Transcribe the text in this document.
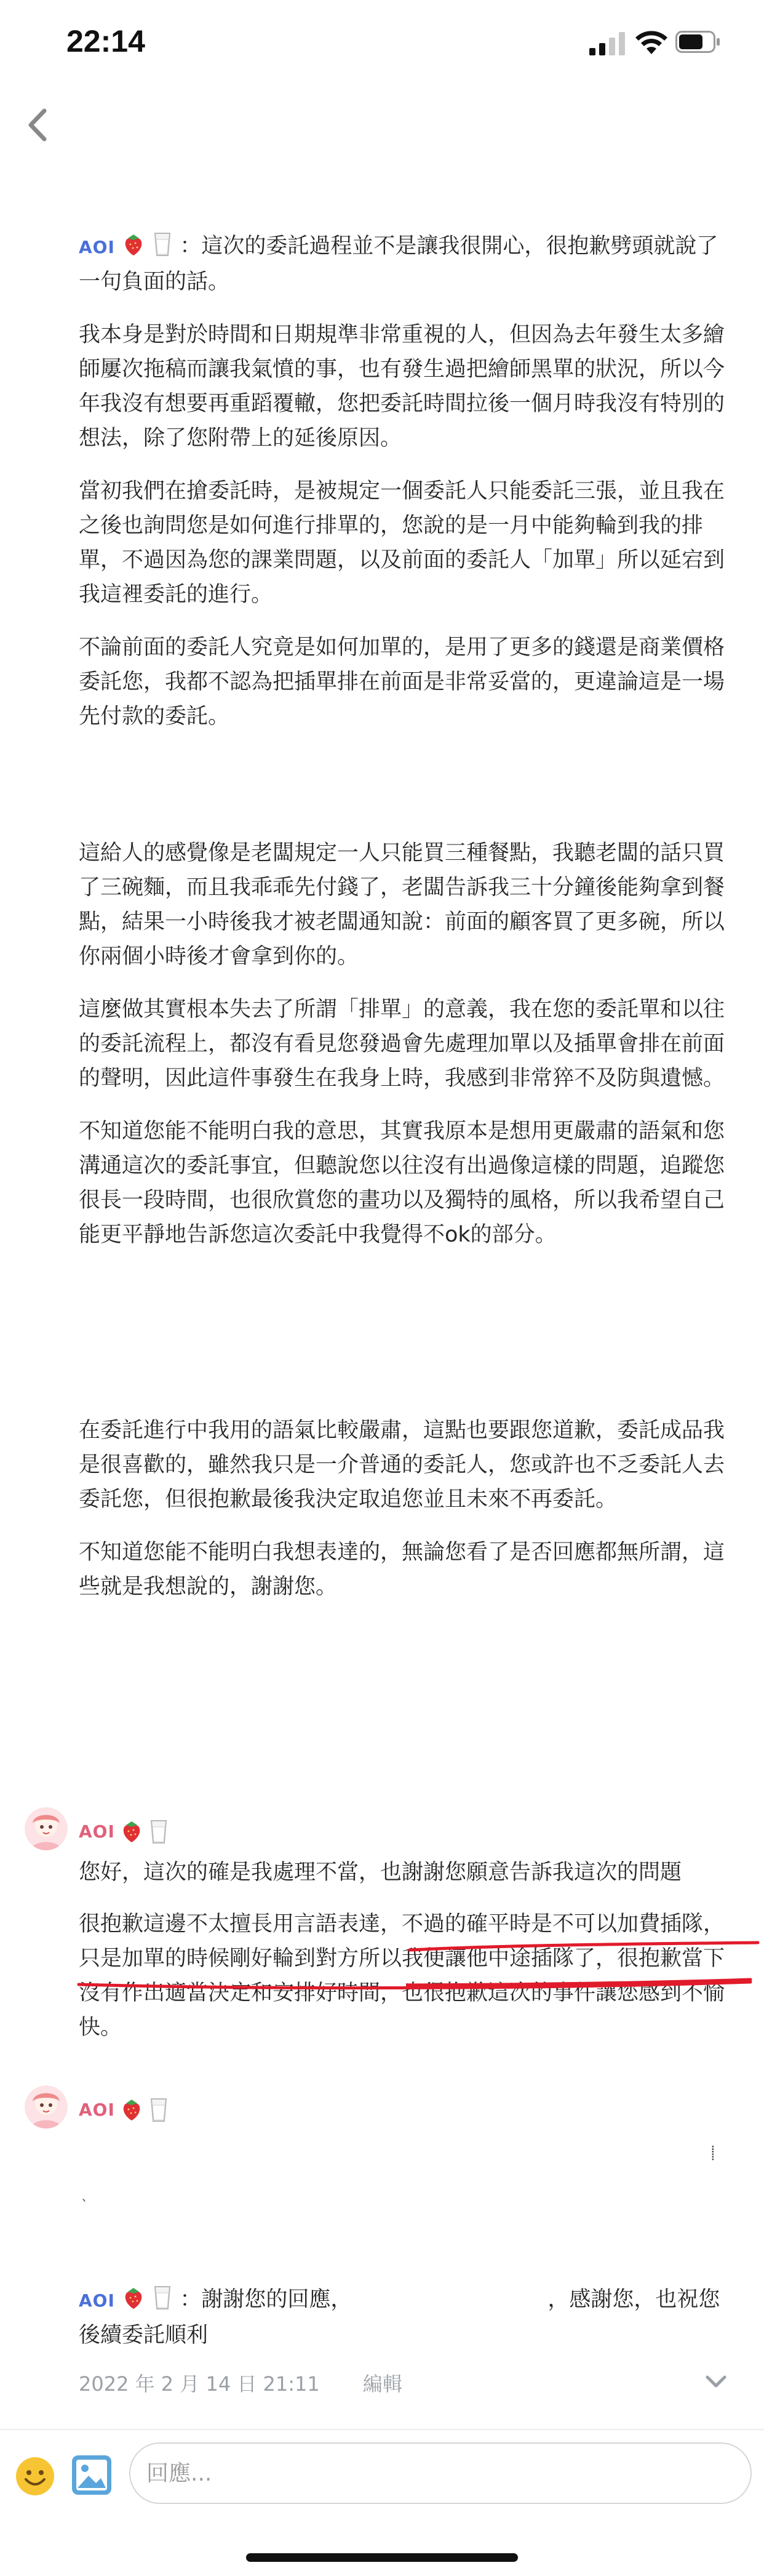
22:14

AOI	：這次的委託過程並不是讓我很開心，很抱歉劈頭就說了一句負面的話。

我本身是對於時間和日期規準非常重視的人，但因為去年發生太多繪師屢次拖稿而讓我氣憤的事，也有發生過把繪師黑單的狀況，所以今年我沒有想要再重蹈覆轍，您把委託時間拉後一個月時我沒有特別的想法，除了您附帶上的延後原因。

當初我們在搶委託時，是被規定一個委託人只能委託三張，並且我在之後也詢問您是如何進行排單的，您說的是一月中能夠輪到我的排單，不過因為您的課業問題，以及前面的委託人「加單」所以延宕到我這裡委託的進行。

不論前面的委託人究竟是如何加單的，是用了更多的錢還是商業價格委託您，我都不認為把插單排在前面是非常妥當的，更違論這是一場先付款的委託。

這給人的感覺像是老闆規定一人只能買三種餐點，我聽老闆的話只買了三碗麵，而且我乖乖先付錢了，老闆告訴我三十分鐘後能夠拿到餐點，結果一小時後我才被老闆通知說：前面的顧客買了更多碗，所以你兩個小時後才會拿到你的。

這麼做其實根本失去了所謂「排單」的意義，我在您的委託單和以往的委託流程上，都沒有看見您發過會先處理加單以及插單會排在前面的聲明，因此這件事發生在我身上時，我感到非常猝不及防與遺憾。

不知道您能不能明白我的意思，其實我原本是想用更嚴肅的語氣和您溝通這次的委託事宜，但聽說您以往沒有出過像這樣的問題，追蹤您很長一段時間，也很欣賞您的畫功以及獨特的風格，所以我希望自己能更平靜地告訴您這次委託中我覺得不ok的部分。

在委託進行中我用的語氣比較嚴肅，這點也要跟您道歉，委託成品我是很喜歡的，雖然我只是一介普通的委託人，您或許也不乏委託人去委託您，但很抱歉最後我決定取追您並且未來不再委託。

不知道您能不能明白我想表達的，無論您看了是否回應都無所謂，這些就是我想說的，謝謝您。

AOI

您好，這次的確是我處理不當，也謝謝您願意告訴我這次的問題

很抱歉這邊不太擅長用言語表達，不過的確平時是不可以加費插隊，只是加單的時候剛好輪到對方所以我便讓他中途插隊了，很抱歉當下沒有作出適當決定和安排好時間，也很抱歉這次的事件讓您感到不愉快。

AOI
⸽
ˎ

AOI	：謝謝您的回應，	，感謝您，也祝您後續委託順利

2022 年 2 月 14 日 21:11 編輯
回應...
